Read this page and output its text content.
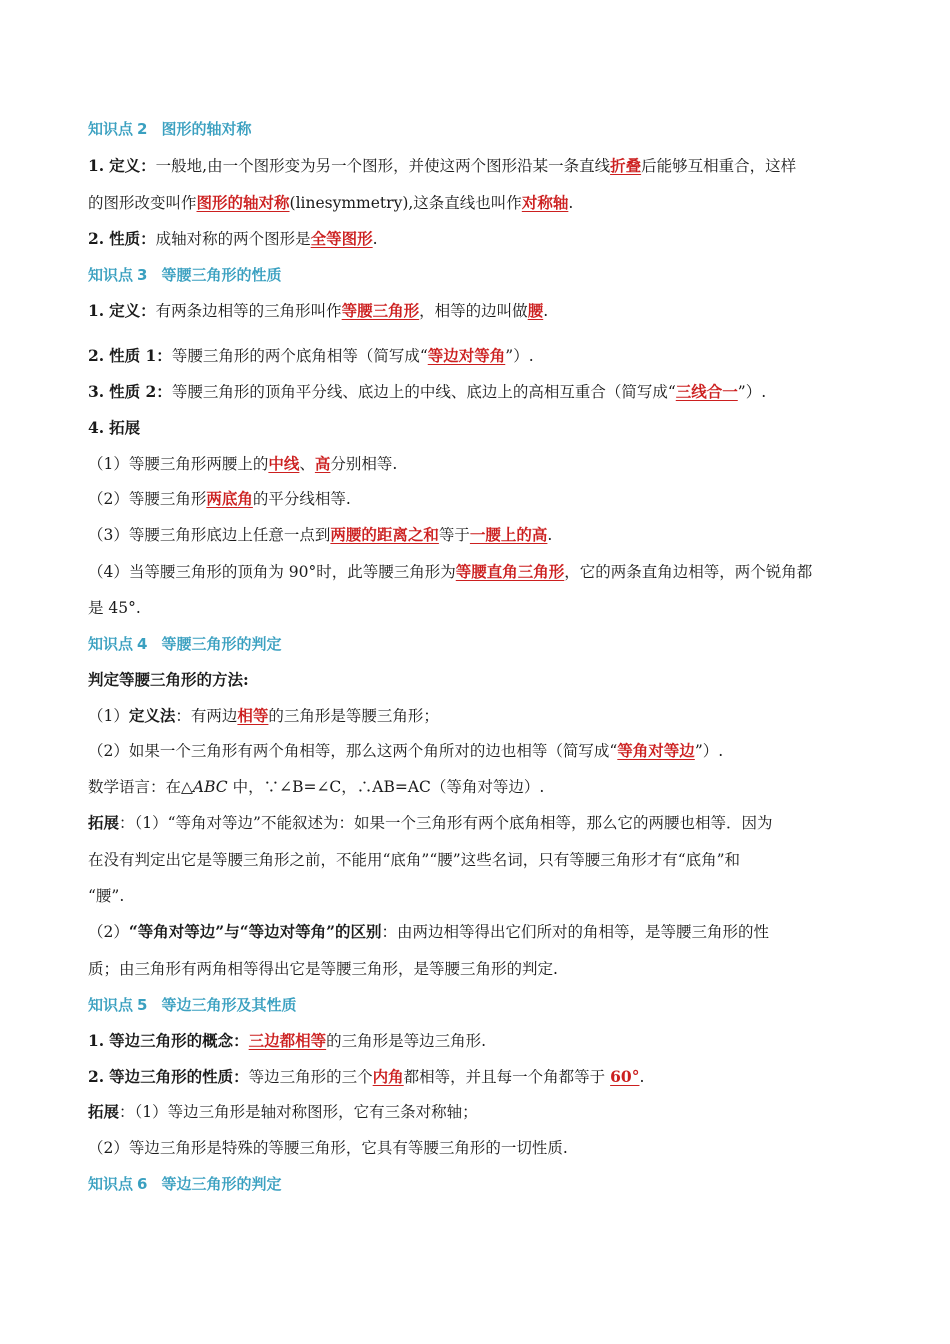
知识点 2 图形的轴对称
1. 定义：一般地,由一个图形变为另一个图形，并使这两个图形沿某一条直线折叠后能够互相重合，这样
的图形改变叫作图形的轴对称(linesymmetry),这条直线也叫作对称轴.
2. 性质：成轴对称的两个图形是全等图形.
知识点 3 等腰三角形的性质
1. 定义：有两条边相等的三角形叫作等腰三角形，相等的边叫做腰.
2. 性质 1：等腰三角形的两个底角相等（简写成“等边对等角”）.
3. 性质 2：等腰三角形的顶角平分线、底边上的中线、底边上的高相互重合（简写成“三线合一”）.
4. 拓展
（1）等腰三角形两腰上的中线、高分别相等.
（2）等腰三角形两底角的平分线相等.
（3）等腰三角形底边上任意一点到两腰的距离之和等于一腰上的高.
（4）当等腰三角形的顶角为 90°时，此等腰三角形为等腰直角三角形，它的两条直角边相等，两个锐角都
是 45°.
知识点 4 等腰三角形的判定
判定等腰三角形的方法:
（1）定义法：有两边相等的三角形是等腰三角形；
（2）如果一个三角形有两个角相等，那么这两个角所对的边也相等（简写成“等角对等边”）.
数学语言：在△ABC 中，∵∠B=∠C，∴AB=AC（等角对等边）.
拓展：（1）“等角对等边”不能叙述为：如果一个三角形有两个底角相等，那么它的两腰也相等．因为
在没有判定出它是等腰三角形之前，不能用“底角”“腰”这些名词，只有等腰三角形才有“底角”和
“腰”.
（2）“等角对等边”与“等边对等角”的区别：由两边相等得出它们所对的角相等，是等腰三角形的性
质；由三角形有两角相等得出它是等腰三角形，是等腰三角形的判定.
知识点 5 等边三角形及其性质
1. 等边三角形的概念：三边都相等的三角形是等边三角形.
2. 等边三角形的性质：等边三角形的三个内角都相等，并且每一个角都等于 60°.
拓展：（1）等边三角形是轴对称图形，它有三条对称轴；
（2）等边三角形是特殊的等腰三角形，它具有等腰三角形的一切性质.
知识点 6 等边三角形的判定
